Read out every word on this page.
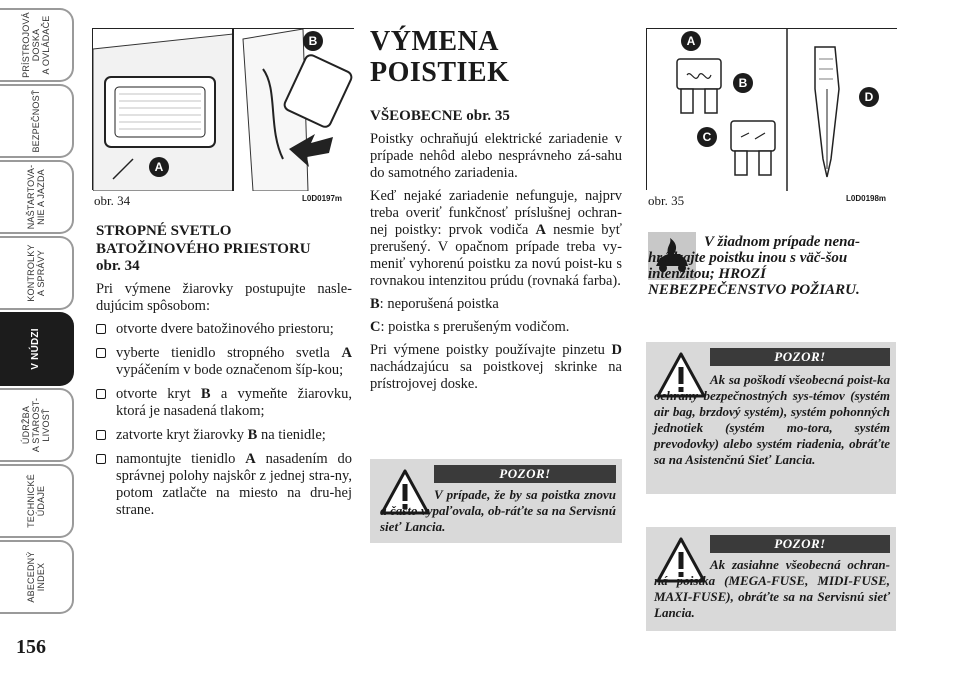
PRÍSTROJOVÁ
DOSKA
A OVLÁDAČE
BEZPEČNOSŤ
NAŠTARTOVA-
NIE A JAZDA
KONTROLKY
A SPRÁVY
V NÚDZI
ÚDRŽBA
A STAROST-
LIVOSŤ
TECHNICKÉ
ÚDAJE
ABECEDNÝ
INDEX
156
B
A
obr. 34	L0D0197m
A
B
C
D
obr. 35	L0D0198m
STROPNÉ SVETLO
BATOŽINOVÉHO PRIESTORU
obr. 34
Pri výmene žiarovky postupujte nasle-dujúcim spôsobom:
otvorte dvere batožinového priestoru;
vyberte tienidlo stropného svetla A vypáčením v bode označenom šíp-kou;
otvorte kryt B a vymeňte žiarovku, ktorá je nasadená tlakom;
zatvorte kryt žiarovky B na tienidle;
namontujte tienidlo A nasadením do správnej polohy najskôr z jednej stra-ny, potom zatlačte na miesto na dru-hej strane.
VÝMENA
POISTIEK
VŠEOBECNE obr. 35

Poistky ochraňujú elektrické zariadenie v prípade nehôd alebo nesprávneho zá-sahu do samotného zariadenia.

Keď nejaké zariadenie nefunguje, najprv treba overiť funkčnosť príslušnej ochran-nej poistky: prvok vodiča A nesmie byť prerušený. V opačnom prípade treba vy-meniť vyhorenú poistku za novú poist-ku s rovnakou intenzitou prúdu (rovnaká farba).

B: neporušená poistka

C: poistka s prerušeným vodičom.

Pri výmene poistky používajte pinzetu D nachádzajúcu sa poistkovej skrinke na prístrojovej doske.

POZOR!
V prípade, že by sa poistka znovu a často vypaľovala, ob-ráťte sa na Servisnú sieť Lancia.
V žiadnom prípade nena-hrádzajte poistku inou s väč-šou intenzitou; HROZÍ NEBEZPEČENSTVO POŽIARU.
POZOR!
Ak sa poškodí všeobecná poist-ka ochrany bezpečnostných sys-témov (systém air bag, brzdový systém), systém pohonných jednotiek (systém mo-tora, systém prevodovky) alebo systém riadenia, obráťte sa na Asistenčnú Sieť Lancia.
POZOR!
Ak zasiahne všeobecná ochran-ná poistka (MEGA-FUSE, MIDI-FUSE, MAXI-FUSE), obráťte sa na Servisnú sieť Lancia.
